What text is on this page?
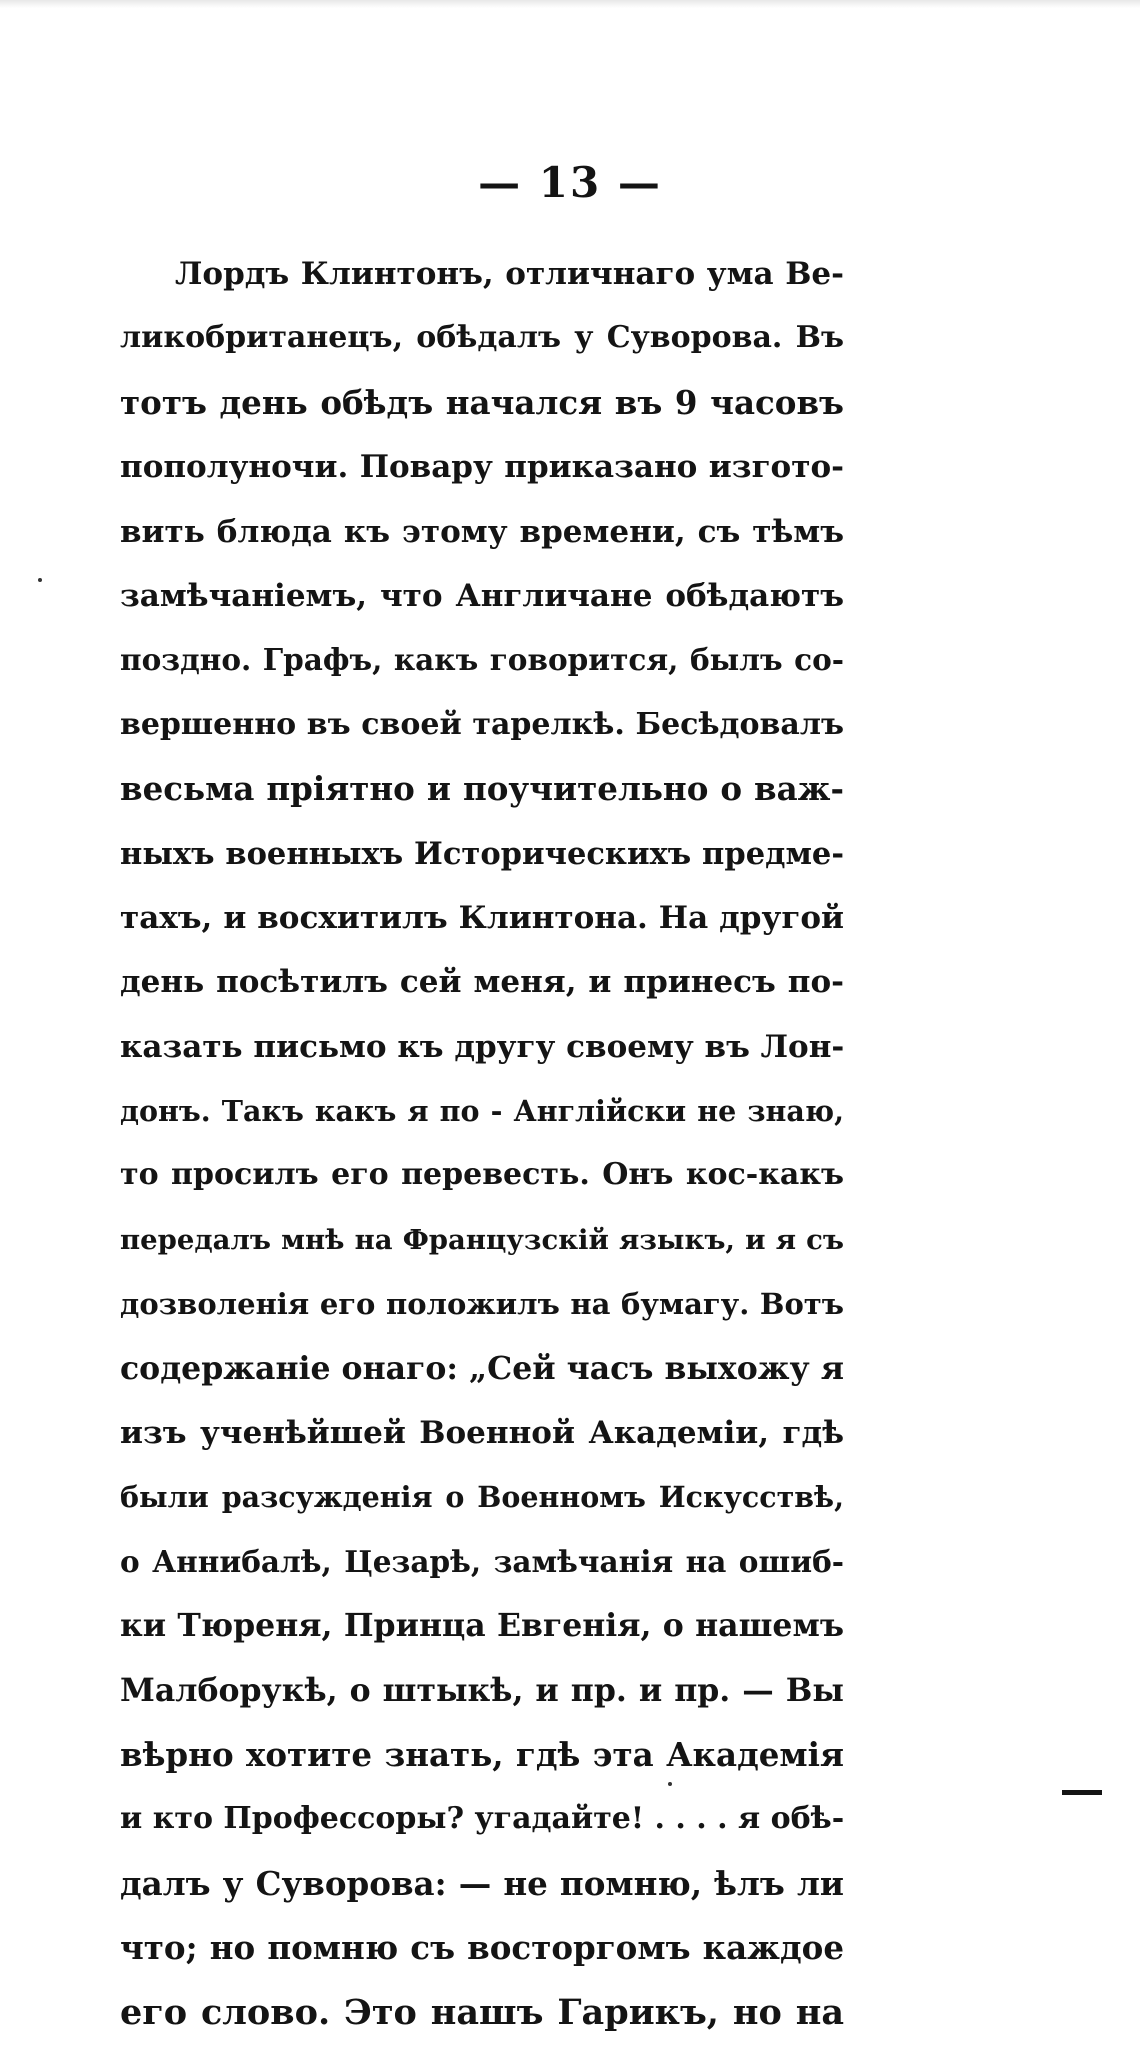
— 13 —
Лордъ Клинтонъ, отличнаго ума Ве-
ликобританецъ, обѣдалъ у Суворова. Въ
тотъ день обѣдъ начался въ 9 часовъ
пополуночи. Повару приказано изгото-
вить блюда къ этому времени, съ тѣмъ
замѣчаніемъ, что Англичане обѣдаютъ
поздно. Графъ, какъ говорится, былъ со-
вершенно въ своей тарелкѣ. Бесѣдовалъ
весьма пріятно и поучительно о важ-
ныхъ военныхъ Историческихъ предме-
тахъ, и восхитилъ Клинтона. На другой
день посѣтилъ сей меня, и принесъ по-
казать письмо къ другу своему въ Лон-
донъ. Такъ какъ я по - Англійски не знаю,
то просилъ его перевесть. Онъ кос-какъ
передалъ мнѣ на Французскій языкъ, и я съ
дозволенія его положилъ на бумагу. Вотъ
содержаніе онаго: „Сей часъ выхожу я
изъ ученѣйшей Военной Академіи, гдѣ
были разсужденія о Военномъ Искусствѣ,
о Аннибалѣ, Цезарѣ, замѣчанія на ошиб-
ки Тюреня, Принца Евгенія, о нашемъ
Малборукѣ, о штыкѣ, и пр. и пр. — Вы
вѣрно хотите знать, гдѣ эта Академія
и кто Профессоры? угадайте! . . . . я обѣ-
далъ у Суворова: — не помню, ѣлъ ли
что; но помню съ восторгомъ каждое
его слово. Это нашъ Гарикъ, но на
